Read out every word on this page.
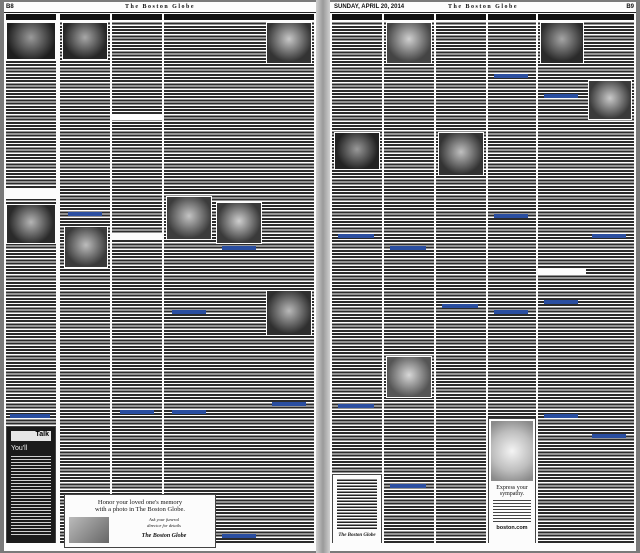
B8	The Boston Globe
Talk
You'll
Honor your loved one's memory
with a photo in The Boston Globe.
Ask your funeral
director for details
The Boston Globe
SUNDAY, APRIL 20, 2014	The Boston Globe	B9
The Boston Globe
Express your
sympathy.
boston.com
